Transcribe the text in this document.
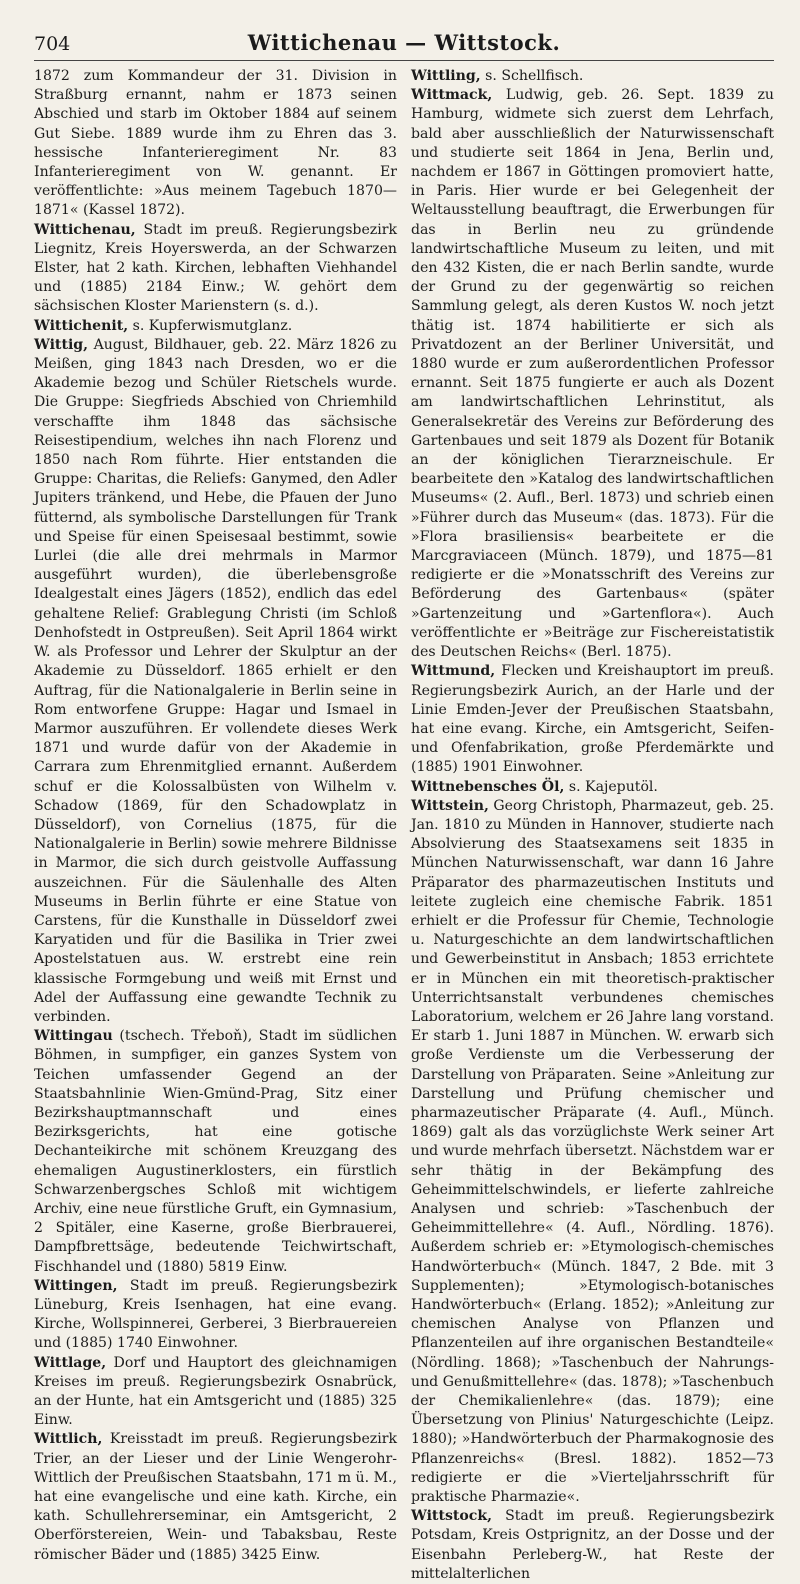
704	Wittichenau — Wittstock.

1872 zum Kommandeur der 31. Division in Straßburg ernannt, nahm er 1873 seinen Abschied und starb im Oktober 1884 auf seinem Gut Siebe. 1889 wurde ihm zu Ehren das 3. hessische Infanterieregiment Nr. 83 Infanterieregiment von W. genannt. Er veröffentlichte: »Aus meinem Tagebuch 1870—1871« (Kassel 1872).

Wittichenau, Stadt im preuß. Regierungsbezirk Liegnitz, Kreis Hoyerswerda, an der Schwarzen Elster, hat 2 kath. Kirchen, lebhaften Viehhandel und (1885) 2184 Einw.; W. gehört dem sächsischen Kloster Marienstern (s. d.).

Wittichenit, s. Kupferwismutglanz.

Wittig, August, Bildhauer, geb. 22. März 1826 zu Meißen, ging 1843 nach Dresden, wo er die Akademie bezog und Schüler Rietschels wurde. Die Gruppe: Siegfrieds Abschied von Chriemhild verschaffte ihm 1848 das sächsische Reisestipendium, welches ihn nach Florenz und 1850 nach Rom führte. Hier entstanden die Gruppe: Charitas, die Reliefs: Ganymed, den Adler Jupiters tränkend, und Hebe, die Pfauen der Juno fütternd, als symbolische Darstellungen für Trank und Speise für einen Speisesaal bestimmt, sowie Lurlei (die alle drei mehrmals in Marmor ausgeführt wurden), die überlebensgroße Idealgestalt eines Jägers (1852), endlich das edel gehaltene Relief: Grablegung Christi (im Schloß Denhofstedt in Ostpreußen). Seit April 1864 wirkt W. als Professor und Lehrer der Skulptur an der Akademie zu Düsseldorf. 1865 erhielt er den Auftrag, für die Nationalgalerie in Berlin seine in Rom entworfene Gruppe: Hagar und Ismael in Marmor auszuführen. Er vollendete dieses Werk 1871 und wurde dafür von der Akademie in Carrara zum Ehrenmitglied ernannt. Außerdem schuf er die Kolossalbüsten von Wilhelm v. Schadow (1869, für den Schadowplatz in Düsseldorf), von Cornelius (1875, für die Nationalgalerie in Berlin) sowie mehrere Bildnisse in Marmor, die sich durch geistvolle Auffassung auszeichnen. Für die Säulenhalle des Alten Museums in Berlin führte er eine Statue von Carstens, für die Kunsthalle in Düsseldorf zwei Karyatiden und für die Basilika in Trier zwei Apostelstatuen aus. W. erstrebt eine rein klassische Formgebung und weiß mit Ernst und Adel der Auffassung eine gewandte Technik zu verbinden.

Wittingau (tschech. Třeboň), Stadt im südlichen Böhmen, in sumpfiger, ein ganzes System von Teichen umfassender Gegend an der Staatsbahnlinie Wien-Gmünd-Prag, Sitz einer Bezirkshauptmannschaft und eines Bezirksgerichts, hat eine gotische Dechanteikirche mit schönem Kreuzgang des ehemaligen Augustinerklosters, ein fürstlich Schwarzenbergsches Schloß mit wichtigem Archiv, eine neue fürstliche Gruft, ein Gymnasium, 2 Spitäler, eine Kaserne, große Bierbrauerei, Dampfbrettsäge, bedeutende Teichwirtschaft, Fischhandel und (1880) 5819 Einw.

Wittingen, Stadt im preuß. Regierungsbezirk Lüneburg, Kreis Isenhagen, hat eine evang. Kirche, Wollspinnerei, Gerberei, 3 Bierbrauereien und (1885) 1740 Einwohner.

Wittlage, Dorf und Hauptort des gleichnamigen Kreises im preuß. Regierungsbezirk Osnabrück, an der Hunte, hat ein Amtsgericht und (1885) 325 Einw.

Wittlich, Kreisstadt im preuß. Regierungsbezirk Trier, an der Lieser und der Linie Wengerohr-Wittlich der Preußischen Staatsbahn, 171 m ü. M., hat eine evangelische und eine kath. Kirche, ein kath. Schullehrerseminar, ein Amtsgericht, 2 Oberförstereien, Wein- und Tabaksbau, Reste römischer Bäder und (1885) 3425 Einw.

Wittling, s. Schellfisch.

Wittmack, Ludwig, geb. 26. Sept. 1839 zu Hamburg, widmete sich zuerst dem Lehrfach, bald aber ausschließlich der Naturwissenschaft und studierte seit 1864 in Jena, Berlin und, nachdem er 1867 in Göttingen promoviert hatte, in Paris. Hier wurde er bei Gelegenheit der Weltausstellung beauftragt, die Erwerbungen für das in Berlin neu zu gründende landwirtschaftliche Museum zu leiten, und mit den 432 Kisten, die er nach Berlin sandte, wurde der Grund zu der gegenwärtig so reichen Sammlung gelegt, als deren Kustos W. noch jetzt thätig ist. 1874 habilitierte er sich als Privatdozent an der Berliner Universität, und 1880 wurde er zum außerordentlichen Professor ernannt. Seit 1875 fungierte er auch als Dozent am landwirtschaftlichen Lehrinstitut, als Generalsekretär des Vereins zur Beförderung des Gartenbaues und seit 1879 als Dozent für Botanik an der königlichen Tierarzneischule. Er bearbeitete den »Katalog des landwirtschaftlichen Museums« (2. Aufl., Berl. 1873) und schrieb einen »Führer durch das Museum« (das. 1873). Für die »Flora brasiliensis« bearbeitete er die Marcgraviaceen (Münch. 1879), und 1875—81 redigierte er die »Monatsschrift des Vereins zur Beförderung des Gartenbaus« (später »Gartenzeitung und »Gartenflora«). Auch veröffentlichte er »Beiträge zur Fischereistatistik des Deutschen Reichs« (Berl. 1875).

Wittmund, Flecken und Kreishauptort im preuß. Regierungsbezirk Aurich, an der Harle und der Linie Emden-Jever der Preußischen Staatsbahn, hat eine evang. Kirche, ein Amtsgericht, Seifen- und Ofenfabrikation, große Pferdemärkte und (1885) 1901 Einwohner.

Wittnebensches Öl, s. Kajeputöl.

Wittstein, Georg Christoph, Pharmazeut, geb. 25. Jan. 1810 zu Münden in Hannover, studierte nach Absolvierung des Staatsexamens seit 1835 in München Naturwissenschaft, war dann 16 Jahre Präparator des pharmazeutischen Instituts und leitete zugleich eine chemische Fabrik. 1851 erhielt er die Professur für Chemie, Technologie u. Naturgeschichte an dem landwirtschaftlichen und Gewerbeinstitut in Ansbach; 1853 errichtete er in München ein mit theoretisch-praktischer Unterrichtsanstalt verbundenes chemisches Laboratorium, welchem er 26 Jahre lang vorstand. Er starb 1. Juni 1887 in München. W. erwarb sich große Verdienste um die Verbesserung der Darstellung von Präparaten. Seine »Anleitung zur Darstellung und Prüfung chemischer und pharmazeutischer Präparate (4. Aufl., Münch. 1869) galt als das vorzüglichste Werk seiner Art und wurde mehrfach übersetzt. Nächstdem war er sehr thätig in der Bekämpfung des Geheimmittelschwindels, er lieferte zahlreiche Analysen und schrieb: »Taschenbuch der Geheimmittellehre« (4. Aufl., Nördling. 1876). Außerdem schrieb er: »Etymologisch-chemisches Handwörterbuch« (Münch. 1847, 2 Bde. mit 3 Supplementen); »Etymologisch-botanisches Handwörterbuch« (Erlang. 1852); »Anleitung zur chemischen Analyse von Pflanzen und Pflanzenteilen auf ihre organischen Bestandteile« (Nördling. 1868); »Taschenbuch der Nahrungs- und Genußmittellehre« (das. 1878); »Taschenbuch der Chemikalienlehre« (das. 1879); eine Übersetzung von Plinius' Naturgeschichte (Leipz. 1880); »Handwörterbuch der Pharmakognosie des Pflanzenreichs« (Bresl. 1882). 1852—73 redigierte er die »Vierteljahrsschrift für praktische Pharmazie«.

Wittstock, Stadt im preuß. Regierungsbezirk Potsdam, Kreis Ostprignitz, an der Dosse und der Eisenbahn Perleberg-W., hat Reste der mittelalterlichen
